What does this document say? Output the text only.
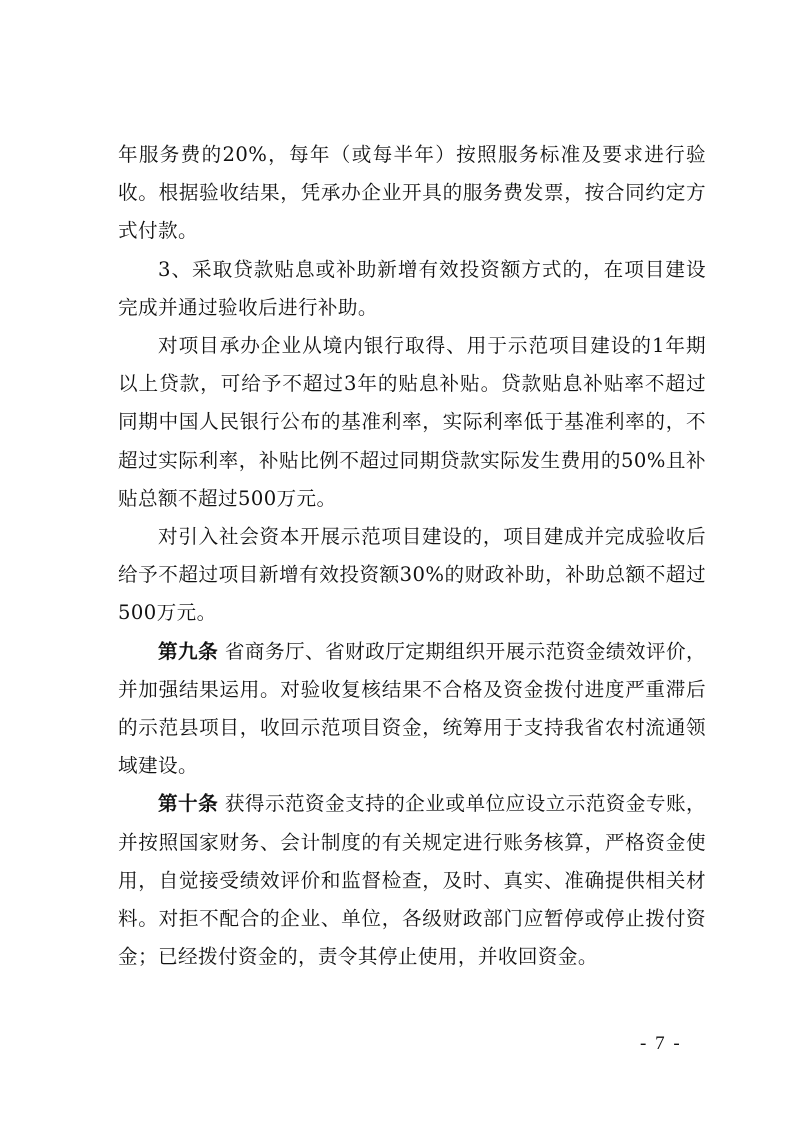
年服务费的20%，每年（或每半年）按照服务标准及要求进行验收。根据验收结果，凭承办企业开具的服务费发票，按合同约定方式付款。

3、采取贷款贴息或补助新增有效投资额方式的，在项目建设完成并通过验收后进行补助。

对项目承办企业从境内银行取得、用于示范项目建设的1年期以上贷款，可给予不超过3年的贴息补贴。贷款贴息补贴率不超过同期中国人民银行公布的基准利率，实际利率低于基准利率的，不超过实际利率，补贴比例不超过同期贷款实际发生费用的50%且补贴总额不超过500万元。

对引入社会资本开展示范项目建设的，项目建成并完成验收后给予不超过项目新增有效投资额30%的财政补助，补助总额不超过500万元。

第九条 省商务厅、省财政厅定期组织开展示范资金绩效评价，并加强结果运用。对验收复核结果不合格及资金拨付进度严重滞后的示范县项目，收回示范项目资金，统筹用于支持我省农村流通领域建设。

第十条 获得示范资金支持的企业或单位应设立示范资金专账，并按照国家财务、会计制度的有关规定进行账务核算，严格资金使用，自觉接受绩效评价和监督检查，及时、真实、准确提供相关材料。对拒不配合的企业、单位，各级财政部门应暂停或停止拨付资金；已经拨付资金的，责令其停止使用，并收回资金。

- 7 -
